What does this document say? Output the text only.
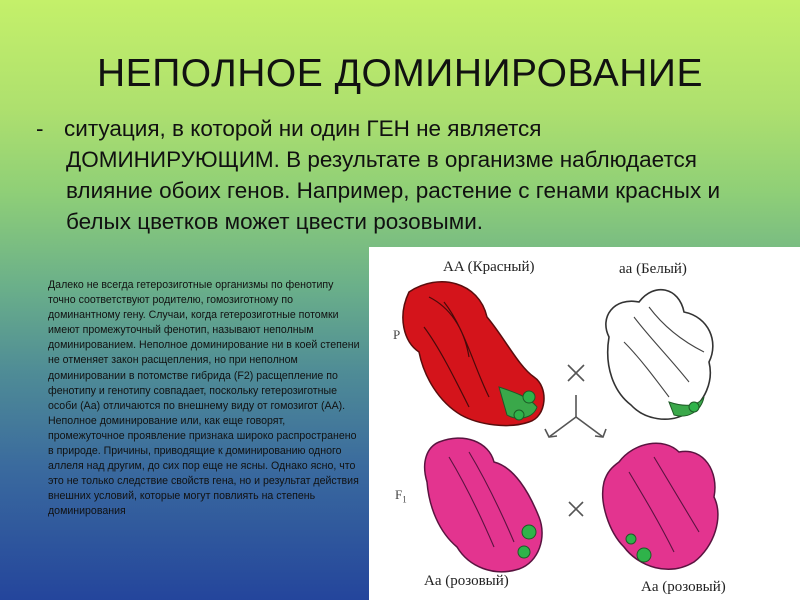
НЕПОЛНОЕ ДОМИНИРОВАНИЕ
- ситуация, в которой ни один ГЕН не является ДОМИНИРУЮЩИМ. В результате в организме наблюдается влияние обоих генов. Например, растение с генами красных и белых цветков может цвести розовыми.
Далеко не всегда гетерозиготные организмы по фенотипу точно соответствуют родителю, гомозиготному по доминантному гену. Случаи, когда гетерозиготные потомки имеют промежуточный фенотип, называют неполным доминированием. Неполное доминирование ни в коей степени не отменяет закон расщепления, но при неполном доминировании в потомстве гибрида (F2) расщепление по фенотипу и генотипу совпадает, поскольку гетерозиготные особи (Aa) отличаются по внешнему виду от гомозигот (AA). Неполное доминирование или, как еще говорят, промежуточное проявление признака широко распространено в природе. Причины, приводящие к доминированию одного аллеля над другим, до сих пор еще не ясны. Однако ясно, что это не только следствие свойств гена, но и результат действия внешних условий, которые могут повлиять на степень доминирования
AA (Красный)	aa (Белый)
P
$F_1$
Aa (розовый)	Aa (розовый)
